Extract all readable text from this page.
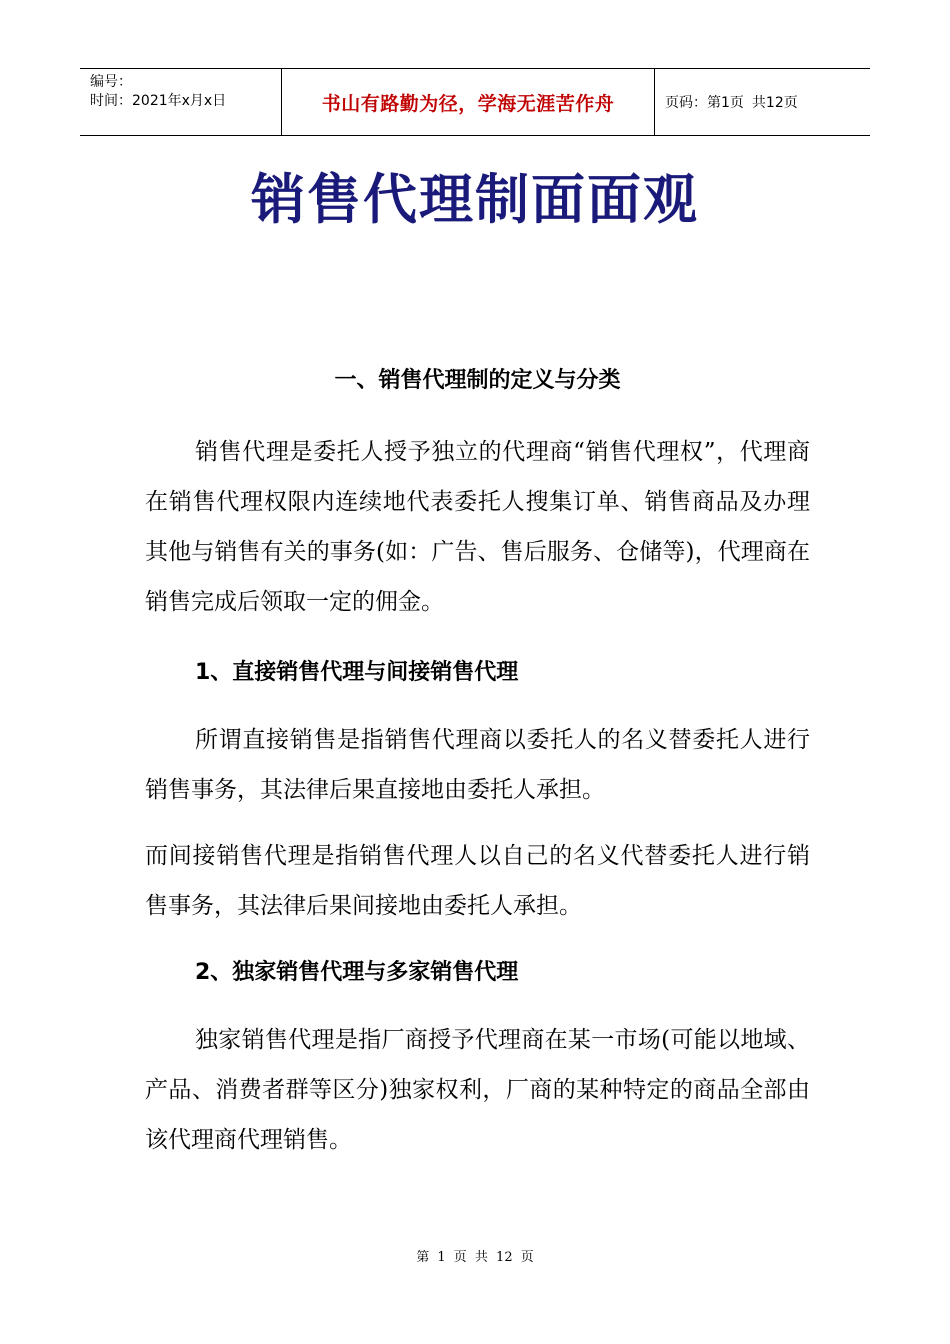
编号：
时间：2021年x月x日	书山有路勤为径，学海无涯苦作舟	页码：第1页 共12页
销售代理制面面观
一、销售代理制的定义与分类

销售代理是委托人授予独立的代理商“销售代理权”，代理商在销售代理权限内连续地代表委托人搜集订单、销售商品及办理其他与销售有关的事务(如：广告、售后服务、仓储等)，代理商在销售完成后领取一定的佣金。

1、直接销售代理与间接销售代理

所谓直接销售是指销售代理商以委托人的名义替委托人进行销售事务，其法律后果直接地由委托人承担。

而间接销售代理是指销售代理人以自己的名义代替委托人进行销售事务，其法律后果间接地由委托人承担。

2、独家销售代理与多家销售代理

独家销售代理是指厂商授予代理商在某一市场(可能以地域、产品、消费者群等区分)独家权利，厂商的某种特定的商品全部由该代理商代理销售。

第 1 页 共 12 页
